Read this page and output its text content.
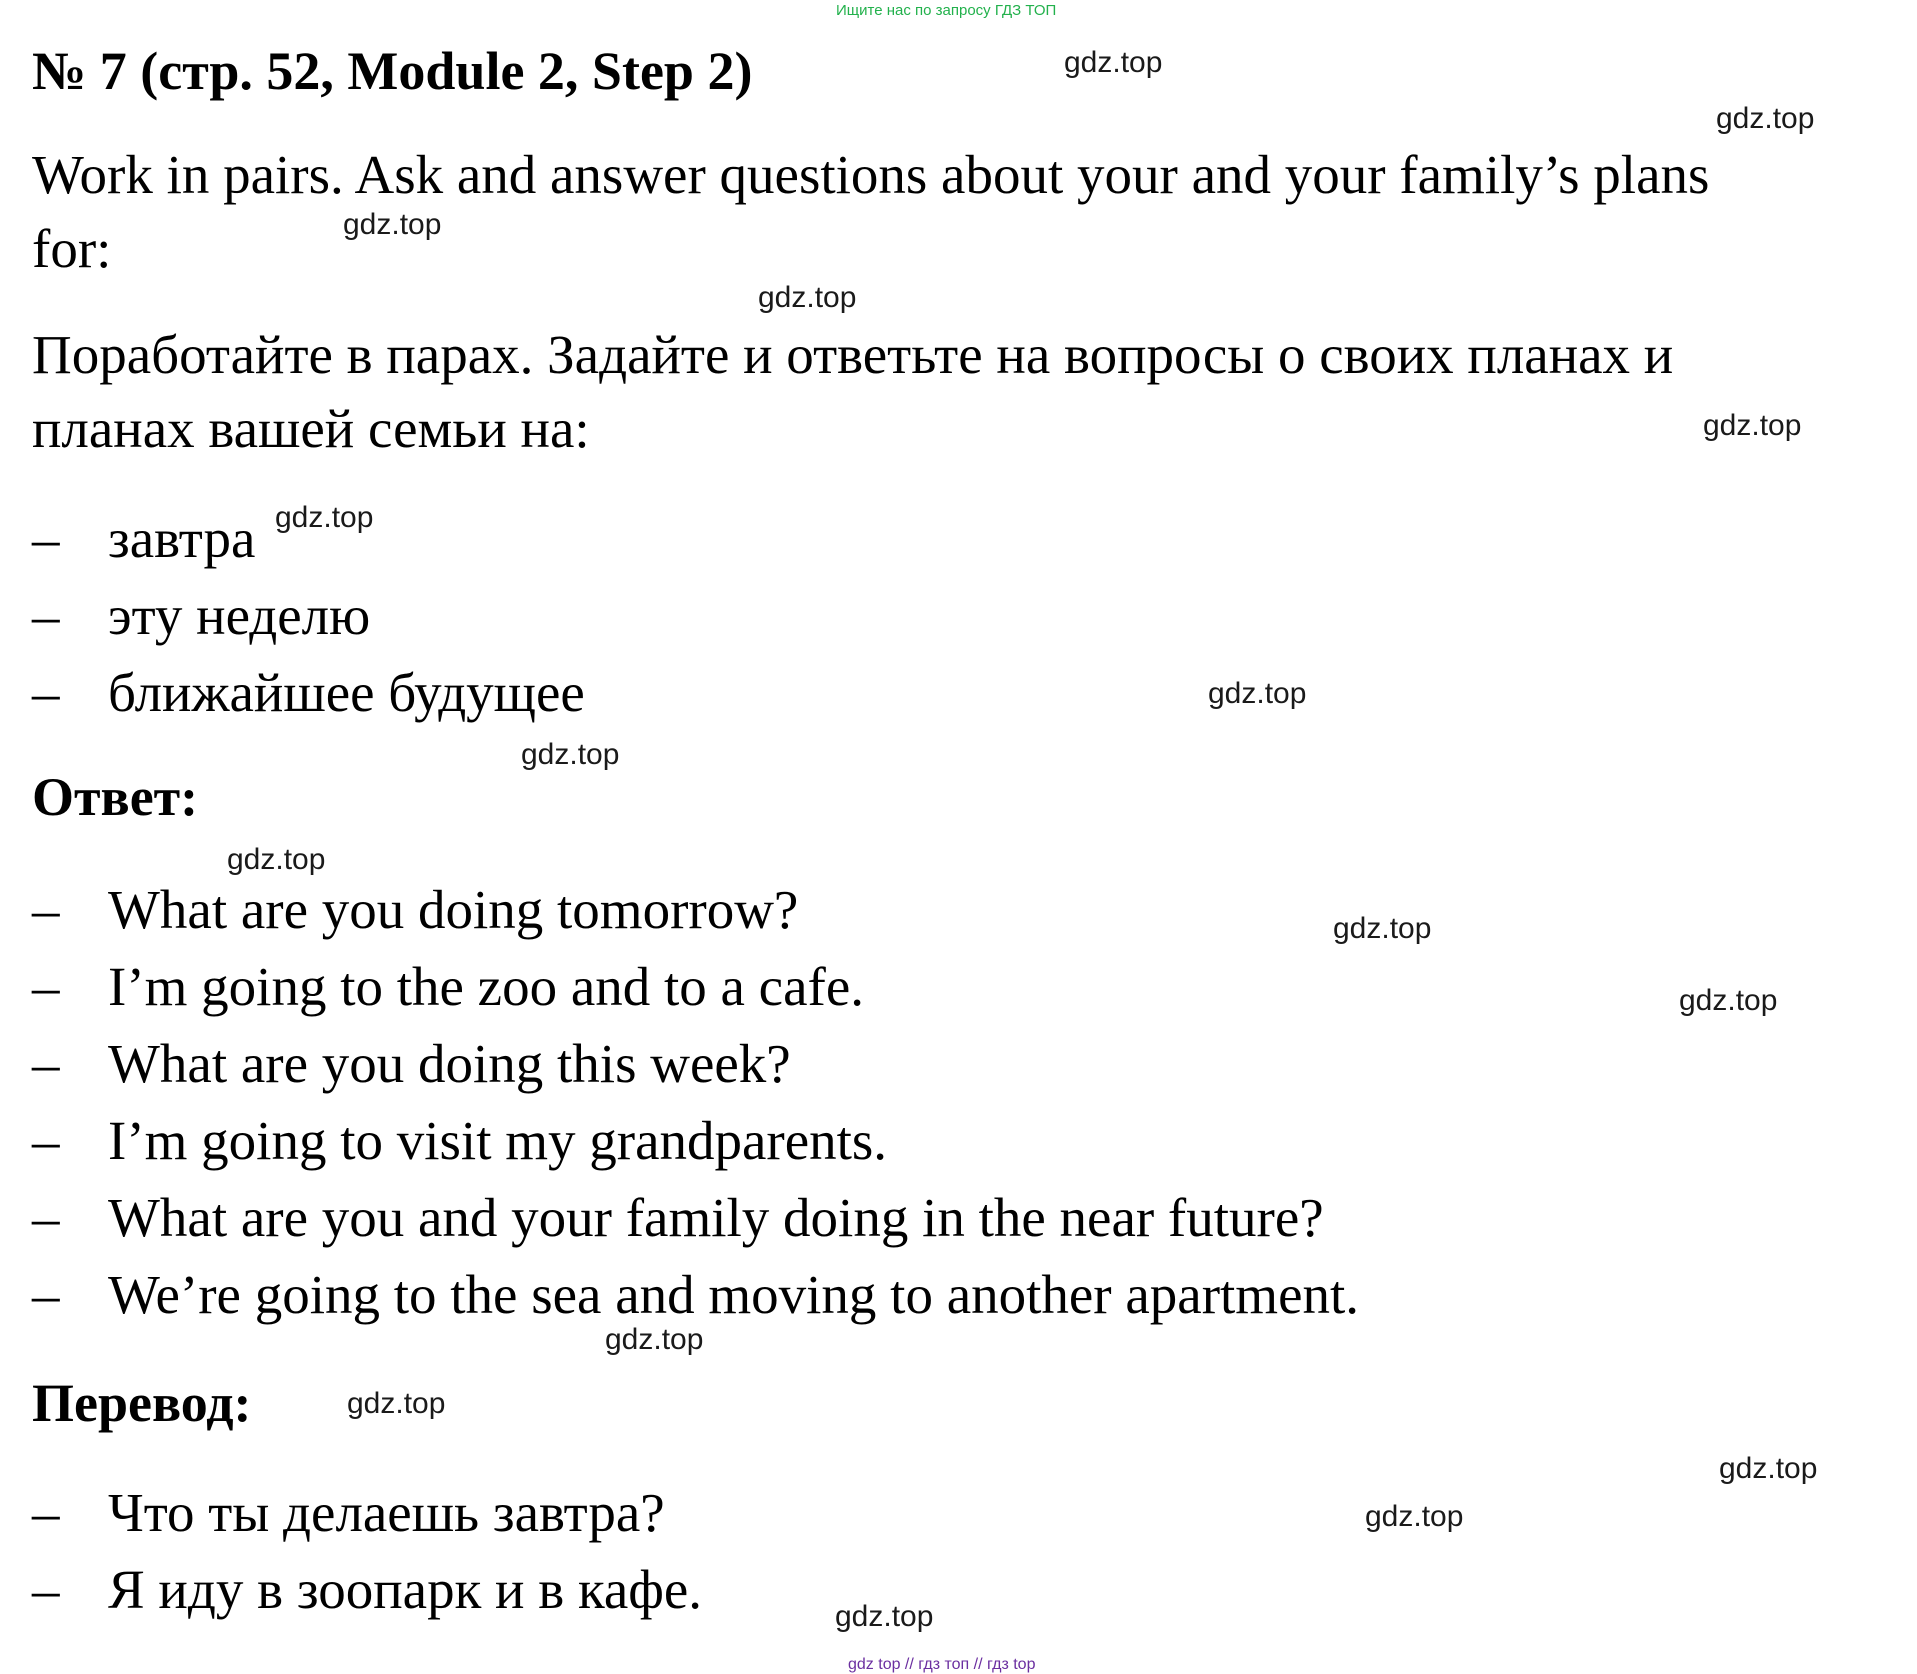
Ищите нас по запросу ГДЗ ТОП
№ 7 (стр. 52, Module 2, Step 2)
Work in pairs. Ask and answer questions about your and your family’s plans
for:
Поработайте в парах. Задайте и ответьте на вопросы о своих планах и
планах вашей семьи на:
– завтра
– эту неделю
– ближайшее будущее
Ответ:
– What are you doing tomorrow?
– I’m going to the zoo and to a cafe.
– What are you doing this week?
– I’m going to visit my grandparents.
– What are you and your family doing in the near future?
– We’re going to the sea and moving to another apartment.
Перевод:
– Что ты делаешь завтра?
– Я иду в зоопарк и в кафе.
gdz.top
gdz.top
gdz.top
gdz.top
gdz.top
gdz.top
gdz.top
gdz.top
gdz.top
gdz.top
gdz.top
gdz.top
gdz.top
gdz.top
gdz.top
gdz.top
gdz top // гдз топ // гдз top
